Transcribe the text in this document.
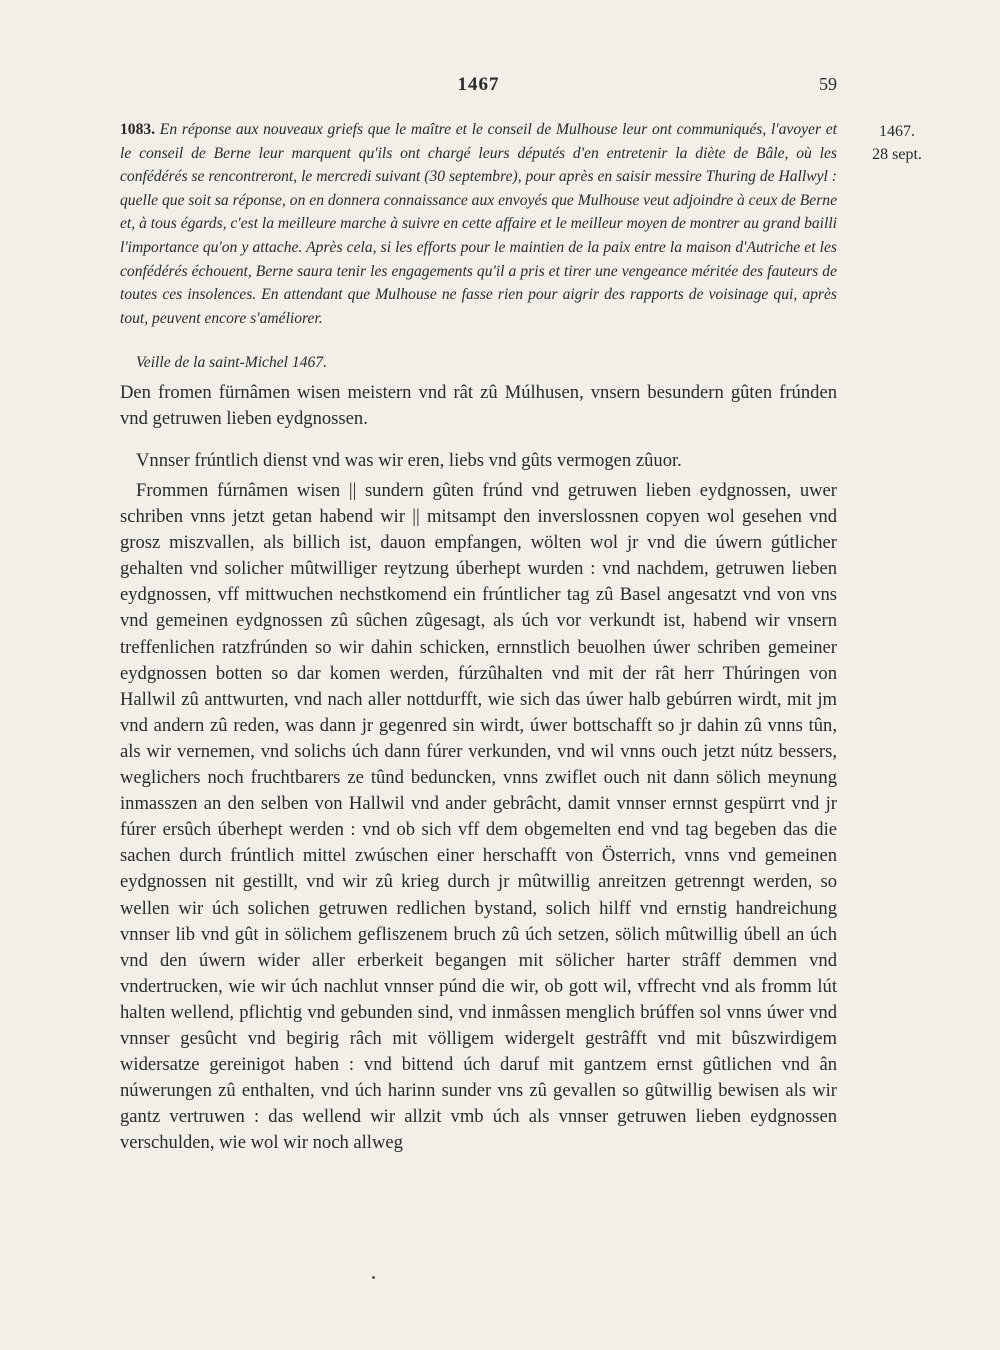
1467	59
1467.
28 sept.
1083. En réponse aux nouveaux griefs que le maître et le conseil de Mulhouse leur ont communiqués, l'avoyer et le conseil de Berne leur marquent qu'ils ont chargé leurs députés d'en entretenir la diète de Bâle, où les confédérés se rencontreront, le mercredi suivant (30 septembre), pour après en saisir messire Thuring de Hallwyl : quelle que soit sa réponse, on en donnera connaissance aux envoyés que Mulhouse veut adjoindre à ceux de Berne et, à tous égards, c'est la meilleure marche à suivre en cette affaire et le meilleur moyen de montrer au grand bailli l'importance qu'on y attache. Après cela, si les efforts pour le maintien de la paix entre la maison d'Autriche et les confédérés échouent, Berne saura tenir les engagements qu'il a pris et tirer une vengeance méritée des fauteurs de toutes ces insolences. En attendant que Mulhouse ne fasse rien pour aigrir des rapports de voisinage qui, après tout, peuvent encore s'améliorer.
Veille de la saint-Michel 1467.
Den fromen fürnâmen wisen meistern vnd rât zû Múlhusen, vnsern besundern gûten frúnden vnd getruwen lieben eydgnossen.
Vnnser frúntlich dienst vnd was wir eren, liebs vnd gûts vermogen zûuor.
Frommen fúrnâmen wisen || sundern gûten frúnd vnd getruwen lieben eydgnossen, uwer schriben vnns jetzt getan habend wir || mitsampt den inverslossnen copyen wol gesehen vnd grosz miszvallen, als billich ist, dauon empfangen, wölten wol jr vnd die úwern gútlicher gehalten vnd solicher mûtwilliger reytzung úberhept wurden : vnd nachdem, getruwen lieben eydgnossen, vff mittwuchen nechstkomend ein frúntlicher tag zû Basel angesatzt vnd von vns vnd gemeinen eydgnossen zû sûchen zûgesagt, als úch vor verkundt ist, habend wir vnsern treffenlichen ratzfrúnden so wir dahin schicken, ernnstlich beuolhen úwer schriben gemeiner eydgnossen botten so dar komen werden, fúrzûhalten vnd mit der rât herr Thúringen von Hallwil zû anttwurten, vnd nach aller nottdurfft, wie sich das úwer halb gebúrren wirdt, mit jm vnd andern zû reden, was dann jr gegenred sin wirdt, úwer bottschafft so jr dahin zû vnns tûn, als wir vernemen, vnd solichs úch dann fúrer verkunden, vnd wil vnns ouch jetzt nútz bessers, weglichers noch fruchtbarers ze tûnd beduncken, vnns zwiflet ouch nit dann sölich meynung inmasszen an den selben von Hallwil vnd ander gebrâcht, damit vnnser ernnst gespürrt vnd jr fúrer ersûch úberhept werden : vnd ob sich vff dem obgemelten end vnd tag begeben das die sachen durch frúntlich mittel zwúschen einer herschafft von Österrich, vnns vnd gemeinen eydgnossen nit gestillt, vnd wir zû krieg durch jr mûtwillig anreitzen getrenngt werden, so wellen wir úch solichen getruwen redlichen bystand, solich hilff vnd ernstig handreichung vnnser lib vnd gût in sölichem gefliszenem bruch zû úch setzen, sölich mûtwillig úbell an úch vnd den úwern wider aller erberkeit begangen mit sölicher harter strâff demmen vnd vndertrucken, wie wir úch nachlut vnnser púnd die wir, ob gott wil, vffrecht vnd als fromm lút halten wellend, pflichtig vnd gebunden sind, vnd inmâssen menglich brúffen sol vnns úwer vnd vnnser gesûcht vnd begirig râch mit völligem widergelt gestrâfft vnd mit bûszwirdigem widersatze gereinigot haben : vnd bittend úch daruf mit gantzem ernst gûtlichen vnd ân núwerungen zû enthalten, vnd úch harinn sunder vns zû gevallen so gûtwillig bewisen als wir gantz vertruwen : das wellend wir allzit vmb úch als vnnser getruwen lieben eydgnossen verschulden, wie wol wir noch allweg
